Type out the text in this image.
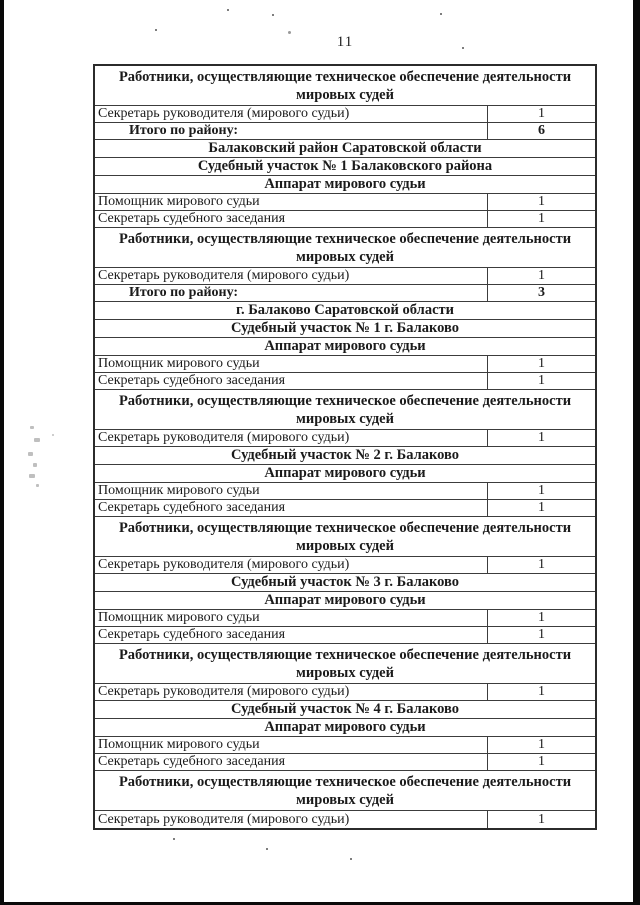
11
Работники, осуществляющие техническое обеспечение деятельности
мировых судей
Секретарь руководителя (мирового судьи)	1
Итого по району:	6
Балаковский район Саратовской области
Судебный участок № 1 Балаковского района
Аппарат мирового судьи
Помощник мирового судьи	1
Секретарь судебного заседания	1
Работники, осуществляющие техническое обеспечение деятельности
мировых судей
Секретарь руководителя (мирового судьи)	1
Итого по району:	3
г. Балаково Саратовской области
Судебный участок № 1 г. Балаково
Аппарат мирового судьи
Помощник мирового судьи	1
Секретарь судебного заседания	1
Работники, осуществляющие техническое обеспечение деятельности
мировых судей
Секретарь руководителя (мирового судьи)	1
Судебный участок № 2 г. Балаково
Аппарат мирового судьи
Помощник мирового судьи	1
Секретарь судебного заседания	1
Работники, осуществляющие техническое обеспечение деятельности
мировых судей
Секретарь руководителя (мирового судьи)	1
Судебный участок № 3 г. Балаково
Аппарат мирового судьи
Помощник мирового судьи	1
Секретарь судебного заседания	1
Работники, осуществляющие техническое обеспечение деятельности
мировых судей
Секретарь руководителя (мирового судьи)	1
Судебный участок № 4 г. Балаково
Аппарат мирового судьи
Помощник мирового судьи	1
Секретарь судебного заседания	1
Работники, осуществляющие техническое обеспечение деятельности
мировых судей
Секретарь руководителя (мирового судьи)	1
